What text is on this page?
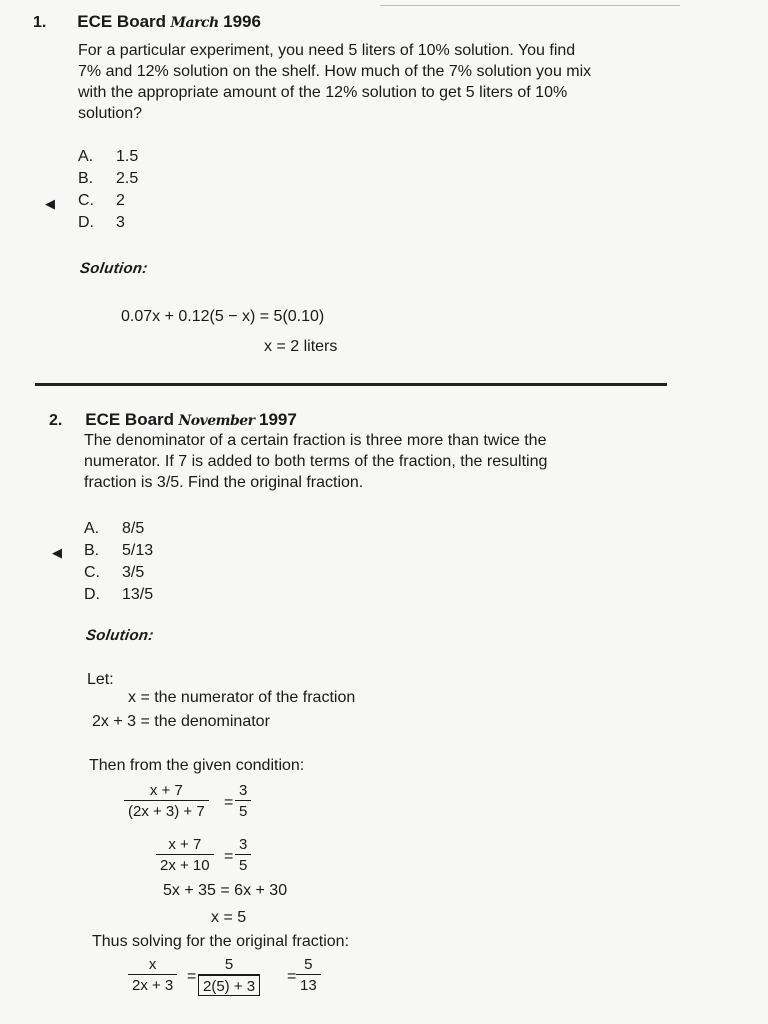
1. ECE Board March 1996
For a particular experiment, you need 5 liters of 10% solution. You find
7% and 12% solution on the shelf. How much of the 7% solution you mix
with the appropriate amount of the 12% solution to get 5 liters of 10%
solution?
A. 1.5
B. 2.5
◀ C. 2
D. 3
Solution:
0.07x + 0.12(5 − x) = 5(0.10)
x = 2 liters
2. ECE Board November 1997
The denominator of a certain fraction is three more than twice the
numerator. If 7 is added to both terms of the fraction, the resulting
fraction is 3/5. Find the original fraction.
A. 8/5
◀ B. 5/13
C. 3/5
D. 13/5
Solution:
Let:
x = the numerator of the fraction
2x + 3 = the denominator
Then from the given condition:
x + 7
(2x + 3) + 7
=
3
5
x + 7
2x + 10
=
3
5
5x + 35 = 6x + 30
x = 5
Thus solving for the original fraction:
x
2x + 3
= $\frac{5}{2(5) + 3}$ =
5
13
